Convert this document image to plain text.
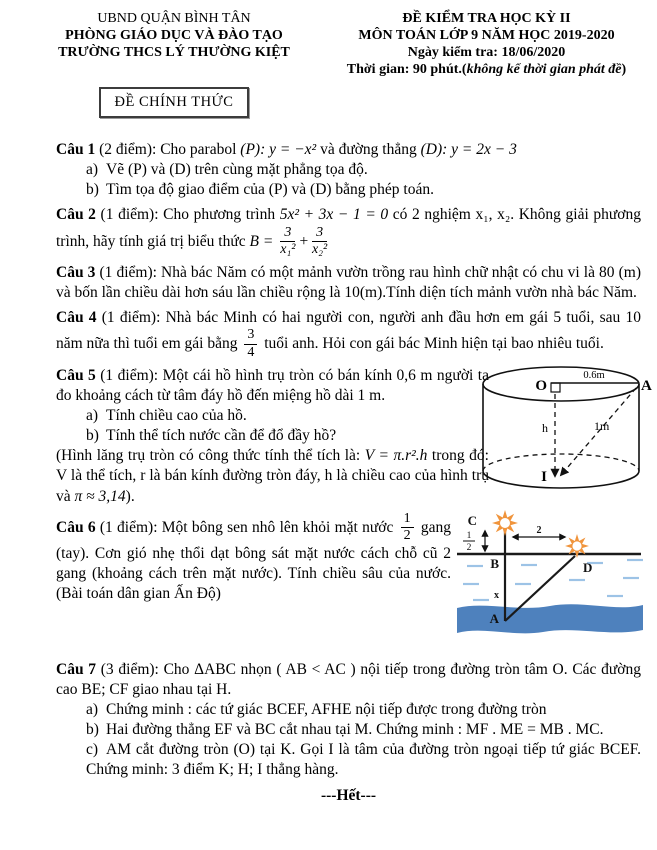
UBND QUẬN BÌNH TÂN
PHÒNG GIÁO DỤC VÀ ĐÀO TẠO
TRƯỜNG THCS LÝ THƯỜNG KIỆT
ĐỀ CHÍNH THỨC
ĐỀ KIỂM TRA HỌC KỲ II
MÔN TOÁN LỚP 9 NĂM HỌC 2019-2020
Ngày kiểm tra: 18/06/2020
Thời gian: 90 phút.(không kể thời gian phát đề)

Câu 1 (2 điểm): Cho parabol (P): y = −x² và đường thẳng (D): y = 2x − 3

a) Vẽ (P) và (D) trên cùng mặt phẳng tọa độ.

b) Tìm tọa độ giao điểm của (P) và (D) bằng phép toán.

Câu 2 (1 điểm): Cho phương trình 5x² + 3x − 1 = 0 có 2 nghiệm x₁, x₂. Không giải phương trình, hãy tính giá trị biểu thức $B = \frac{3}{\text{x₁²}} + \frac{3}{\text{x₂²}}$
Câu 3 (1 điểm): Nhà bác Năm có một mảnh vườn trồng rau hình chữ nhật có chu vi là 80 (m) và bốn lần chiều dài hơn sáu lần chiều rộng là 10(m).Tính diện tích mảnh vườn nhà bác Năm.
Câu 4 (1 điểm): Nhà bác Minh có hai người con, người anh đầu hơn em gái 5 tuổi, sau 10 năm nữa thì tuổi em gái bằng $\frac{3}{4}$ tuổi anh. Hỏi con gái bác Minh hiện tại bao nhiêu tuổi.

Câu 5 (1 điểm): Một cái hồ hình trụ tròn có bán kính 0,6 m người ta đo khoảng cách từ tâm đáy hồ đến miệng hồ dài 1 m.

a) Tính chiều cao của hồ.

b) Tính thể tích nước cần để đổ đầy hồ?

(Hình lăng trụ tròn có công thức tính thể tích là: V = π.r².h trong đó: V là thể tích, r là bán kính đường tròn đáy, h là chiều cao của hình trụ và π ≈ 3,14).

O
0.6m
A
h	1m
I
Câu 6 (1 điểm): Một bông sen nhô lên khỏi mặt nước $\frac{1}{2}$ gang (tay). Cơn gió nhẹ thổi dạt bông sát mặt nước cách chỗ cũ 2 gang (khoảng cách trên mặt nước). Tính chiều sâu của nước. (Bài toán dân gian Ấn Độ)
C
1
2
2
B	D
x
A

Câu 7 (3 điểm): Cho ΔABC nhọn ( AB < AC ) nội tiếp trong đường tròn tâm O. Các đường cao BE; CF giao nhau tại H.

a) Chứng minh : các tứ giác BCEF, AFHE nội tiếp được trong đường tròn

b) Hai đường thẳng EF và BC cắt nhau tại M. Chứng minh : MF . ME = MB . MC.

c) AM cắt đường tròn (O) tại K. Gọi I là tâm của đường tròn ngoại tiếp tứ giác BCEF. Chứng minh: 3 điểm K; H; I thẳng hàng.

---Hết---
